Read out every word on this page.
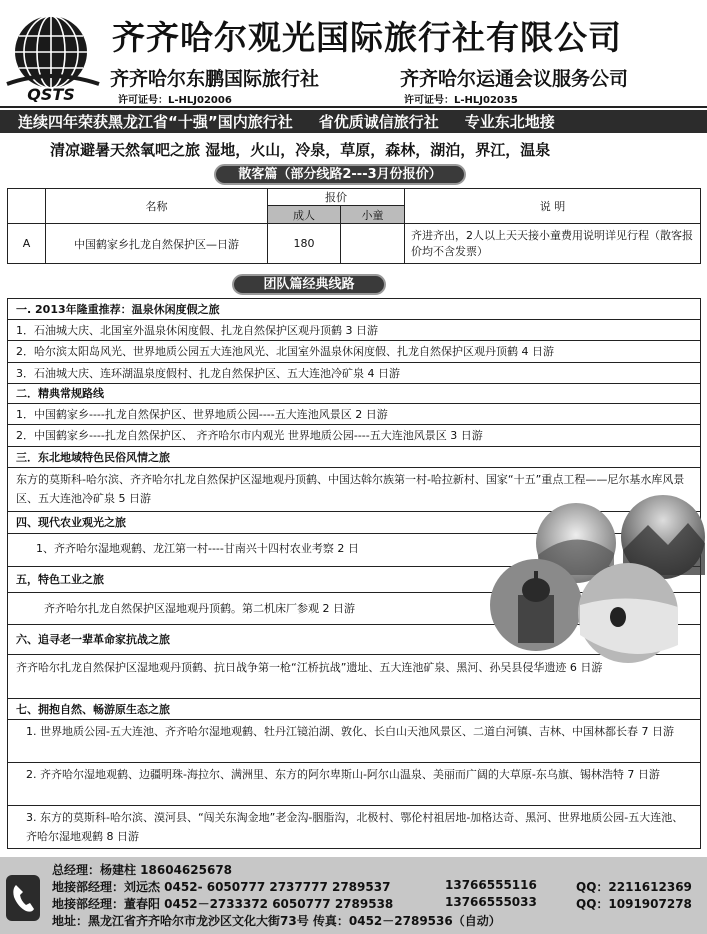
QSTS
齐齐哈尔观光国际旅行社有限公司
齐齐哈尔东鹏国际旅行社	齐齐哈尔运通会议服务公司
许可证号：L-HLJ02006	许可证号：L-HLJ02035
连续四年荣获黑龙江省“十强”国内旅行社 省优质诚信旅行社 专业东北地接
清凉避暑天然氧吧之旅 湿地，火山，冷泉，草原，森林，湖泊，界江，温泉
散客篇（部分线路2---3月份报价）
	名称	报价		说 明
		成人	小童	
A	中国鹤家乡扎龙自然保护区—日游	180		齐进齐出，2人以上天天接小童费用说明详见行程（散客报价均不含发票）
团队篇经典线路
一. 2013年隆重推荐：温泉休闲度假之旅
1．石油城大庆、北国室外温泉休闲度假、扎龙自然保护区观丹顶鹤 3 日游
2．哈尔滨太阳岛风光、世界地质公园五大连池风光、北国室外温泉休闲度假、扎龙自然保护区观丹顶鹤 4 日游
3．石油城大庆、连环湖温泉度假村、扎龙自然保护区、五大连池冷矿泉 4 日游
二．精典常规路线
1．中国鹤家乡----扎龙自然保护区、世界地质公园----五大连池风景区 2 日游
2．中国鹤家乡----扎龙自然保护区、 齐齐哈尔市内观光 世界地质公园----五大连池风景区 3 日游
三．东北地域特色民俗风情之旅
东方的莫斯科-哈尔滨、齐齐哈尔扎龙自然保护区湿地观丹顶鹤、中国达斡尔族第一村-哈拉新村、国家“十五”重点工程——尼尔基水库风景区、五大连池冷矿泉 5 日游
四、现代农业观光之旅
1、齐齐哈尔湿地观鹤、龙江第一村----甘南兴十四村农业考察 2 日
五，特色工业之旅
齐齐哈尔扎龙自然保护区湿地观丹顶鹤。第二机床厂参观 2 日游
六、追寻老一辈革命家抗战之旅
齐齐哈尔扎龙自然保护区湿地观丹顶鹤、抗日战争第一枪“江桥抗战”遗址、五大连池矿泉、黑河、孙吴县侵华遗迹 6 日游
七、拥抱自然、畅游原生态之旅
1. 世界地质公园-五大连池、齐齐哈尔湿地观鹤、牡丹江镜泊湖、敦化、长白山天池风景区、二道白河镇、吉林、中国林都长春 7 日游
2. 齐齐哈尔湿地观鹤、边疆明珠-海拉尔、满洲里、东方的阿尔卑斯山-阿尔山温泉、美丽而广阔的大草原-东乌旗、锡林浩特 7 日游
3. 东方的莫斯科-哈尔滨、漠河县、“闯关东淘金地”老金沟-胭脂沟，北极村、鄂伦村祖居地-加格达奇、黑河、世界地质公园-五大连池、齐哈尔湿地观鹤 8 日游
总经理：杨建柱 18604625678
地接部经理：刘远杰 0452- 6050777 2737777 2789537	13766555116	QQ：2211612369
地接部经理：董春阳 0452－2733372 6050777 2789538	13766555033	QQ：1091907278
地址：黑龙江省齐齐哈尔市龙沙区文化大街73号 传真：0452－2789536（自动）
